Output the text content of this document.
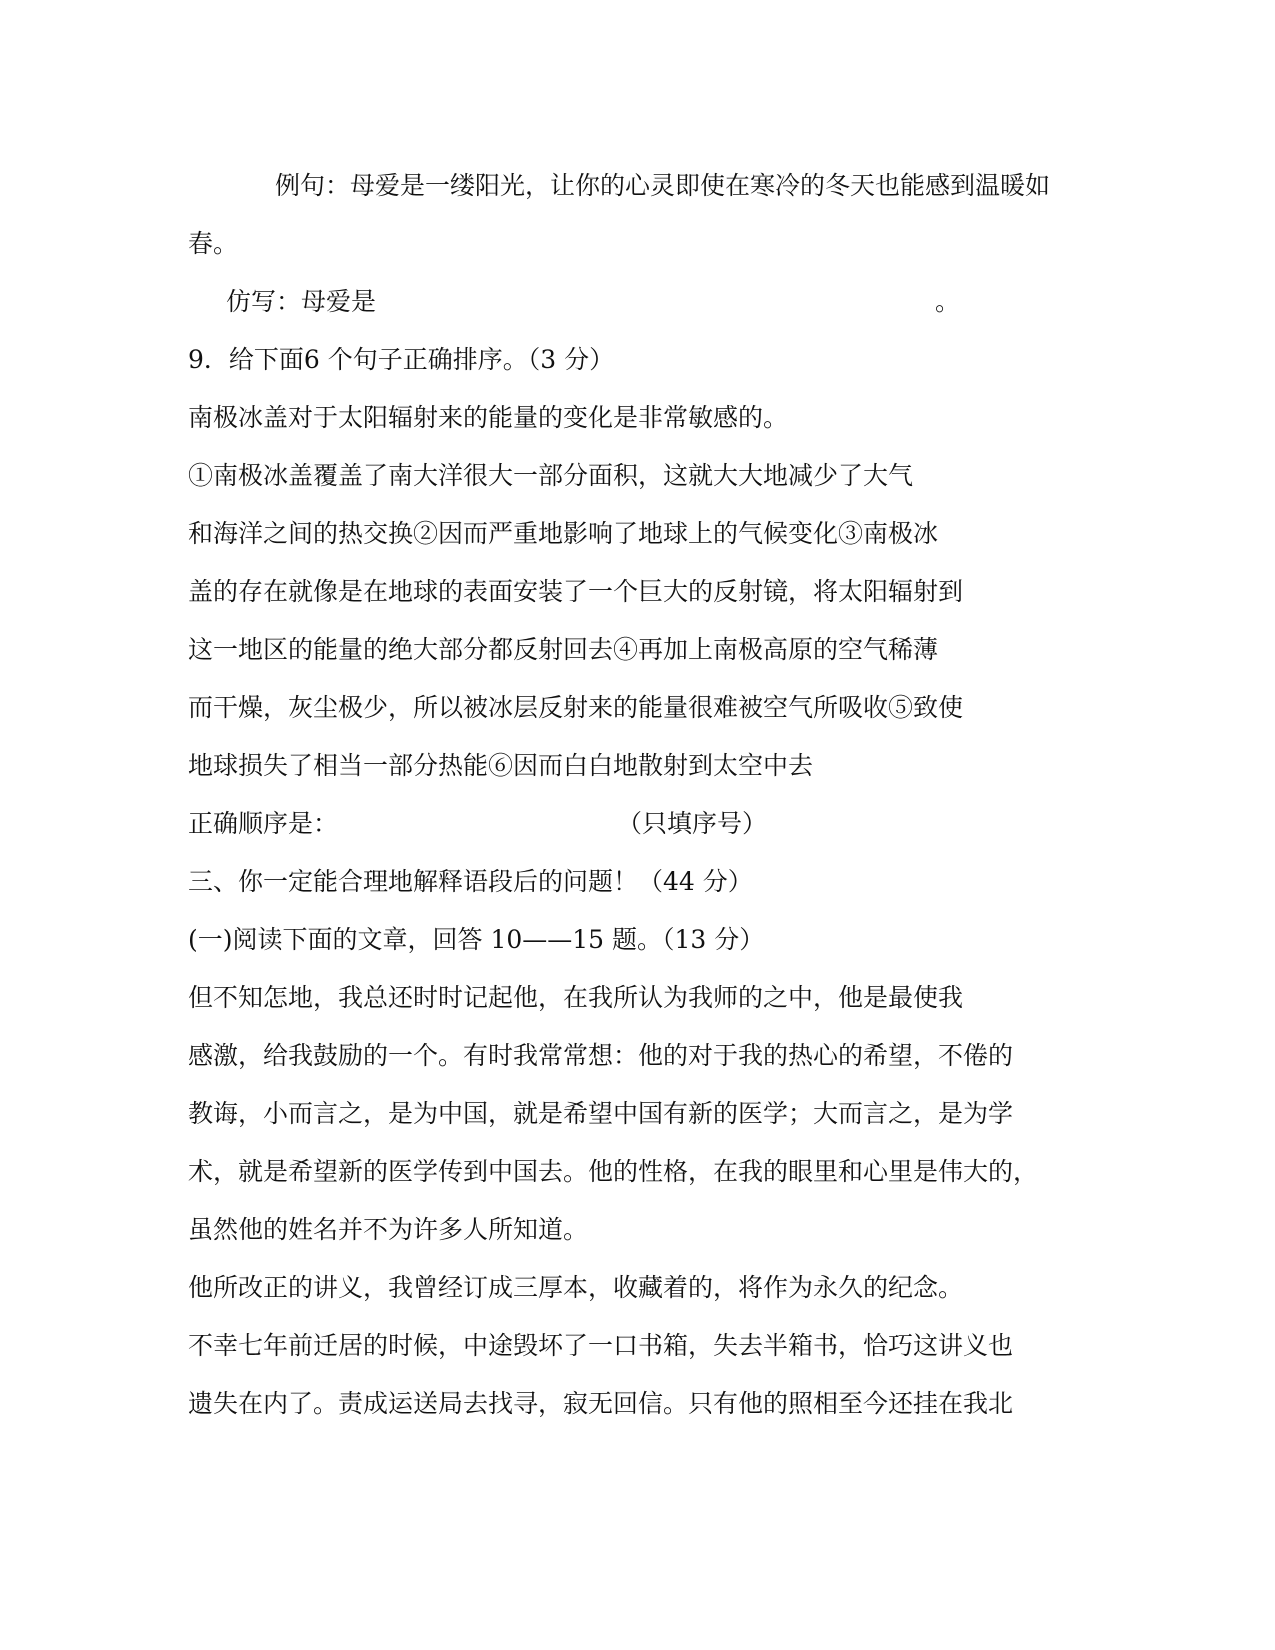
例句：母爱是一缕阳光，让你的心灵即使在寒冷的冬天也能感到温暖如
春。
仿写：母爱是	。
9．给下面6 个句子正确排序。（3 分）
南极冰盖对于太阳辐射来的能量的变化是非常敏感的。
①南极冰盖覆盖了南大洋很大一部分面积，这就大大地减少了大气
和海洋之间的热交换②因而严重地影响了地球上的气候变化③南极冰
盖的存在就像是在地球的表面安装了一个巨大的反射镜，将太阳辐射到
这一地区的能量的绝大部分都反射回去④再加上南极高原的空气稀薄
而干燥，灰尘极少，所以被冰层反射来的能量很难被空气所吸收⑤致使
地球损失了相当一部分热能⑥因而白白地散射到太空中去
正确顺序是：	（只填序号）
三、你一定能合理地解释语段后的问题！（44 分）
(一)阅读下面的文章，回答 10——15 题。（13 分）
但不知怎地，我总还时时记起他，在我所认为我师的之中，他是最使我
感激，给我鼓励的一个。有时我常常想：他的对于我的热心的希望，不倦的
教诲，小而言之，是为中国，就是希望中国有新的医学；大而言之，是为学
术，就是希望新的医学传到中国去。他的性格，在我的眼里和心里是伟大的，
虽然他的姓名并不为许多人所知道。
他所改正的讲义，我曾经订成三厚本，收藏着的，将作为永久的纪念。
不幸七年前迁居的时候，中途毁坏了一口书箱，失去半箱书，恰巧这讲义也
遗失在内了。责成运送局去找寻，寂无回信。只有他的照相至今还挂在我北
